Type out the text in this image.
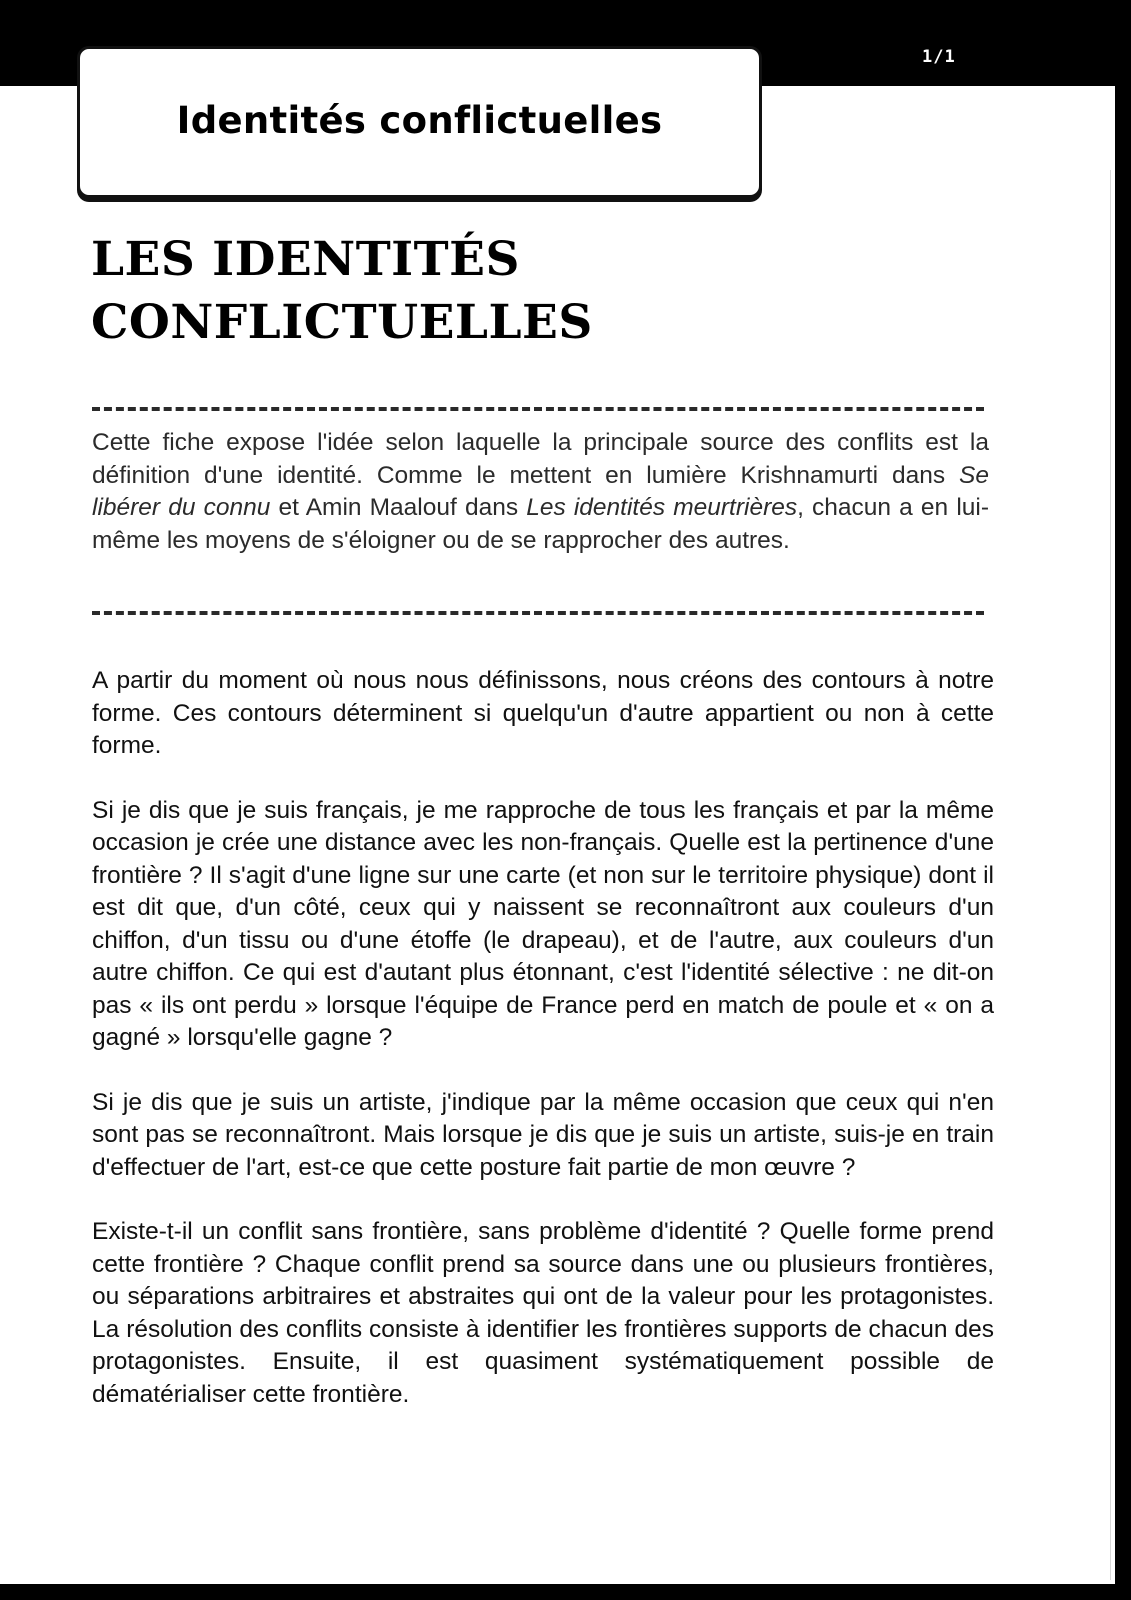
1/1
Identités conflictuelles
LES IDENTITÉS
CONFLICTUELLES

Cette fiche expose l'idée selon laquelle la principale source des conflits est la définition d'une identité. Comme le mettent en lumière Krishnamurti dans Se libérer du connu et Amin Maalouf dans Les identités meurtrières, chacun a en lui-même les moyens de s'éloigner ou de se rapprocher des autres.

A partir du moment où nous nous définissons, nous créons des contours à notre forme. Ces contours déterminent si quelqu'un d'autre appartient ou non à cette forme.

Si je dis que je suis français, je me rapproche de tous les français et par la même occasion je crée une distance avec les non-français. Quelle est la pertinence d'une frontière ? Il s'agit d'une ligne sur une carte (et non sur le territoire physique) dont il est dit que, d'un côté, ceux qui y naissent se reconnaîtront aux couleurs d'un chiffon, d'un tissu ou d'une étoffe (le drapeau), et de l'autre, aux couleurs d'un autre chiffon. Ce qui est d'autant plus étonnant, c'est l'identité sélective : ne dit-on pas « ils ont perdu » lorsque l'équipe de France perd en match de poule et « on a gagné » lorsqu'elle gagne ?

Si je dis que je suis un artiste, j'indique par la même occasion que ceux qui n'en sont pas se reconnaîtront. Mais lorsque je dis que je suis un artiste, suis-je en train d'effectuer de l'art, est-ce que cette posture fait partie de mon œuvre ?

Existe-t-il un conflit sans frontière, sans problème d'identité ? Quelle forme prend cette frontière ? Chaque conflit prend sa source dans une ou plusieurs frontières, ou séparations arbitraires et abstraites qui ont de la valeur pour les protagonistes. La résolution des conflits consiste à identifier les frontières supports de chacun des protagonistes. Ensuite, il est quasiment systématiquement possible de dématérialiser cette frontière.
